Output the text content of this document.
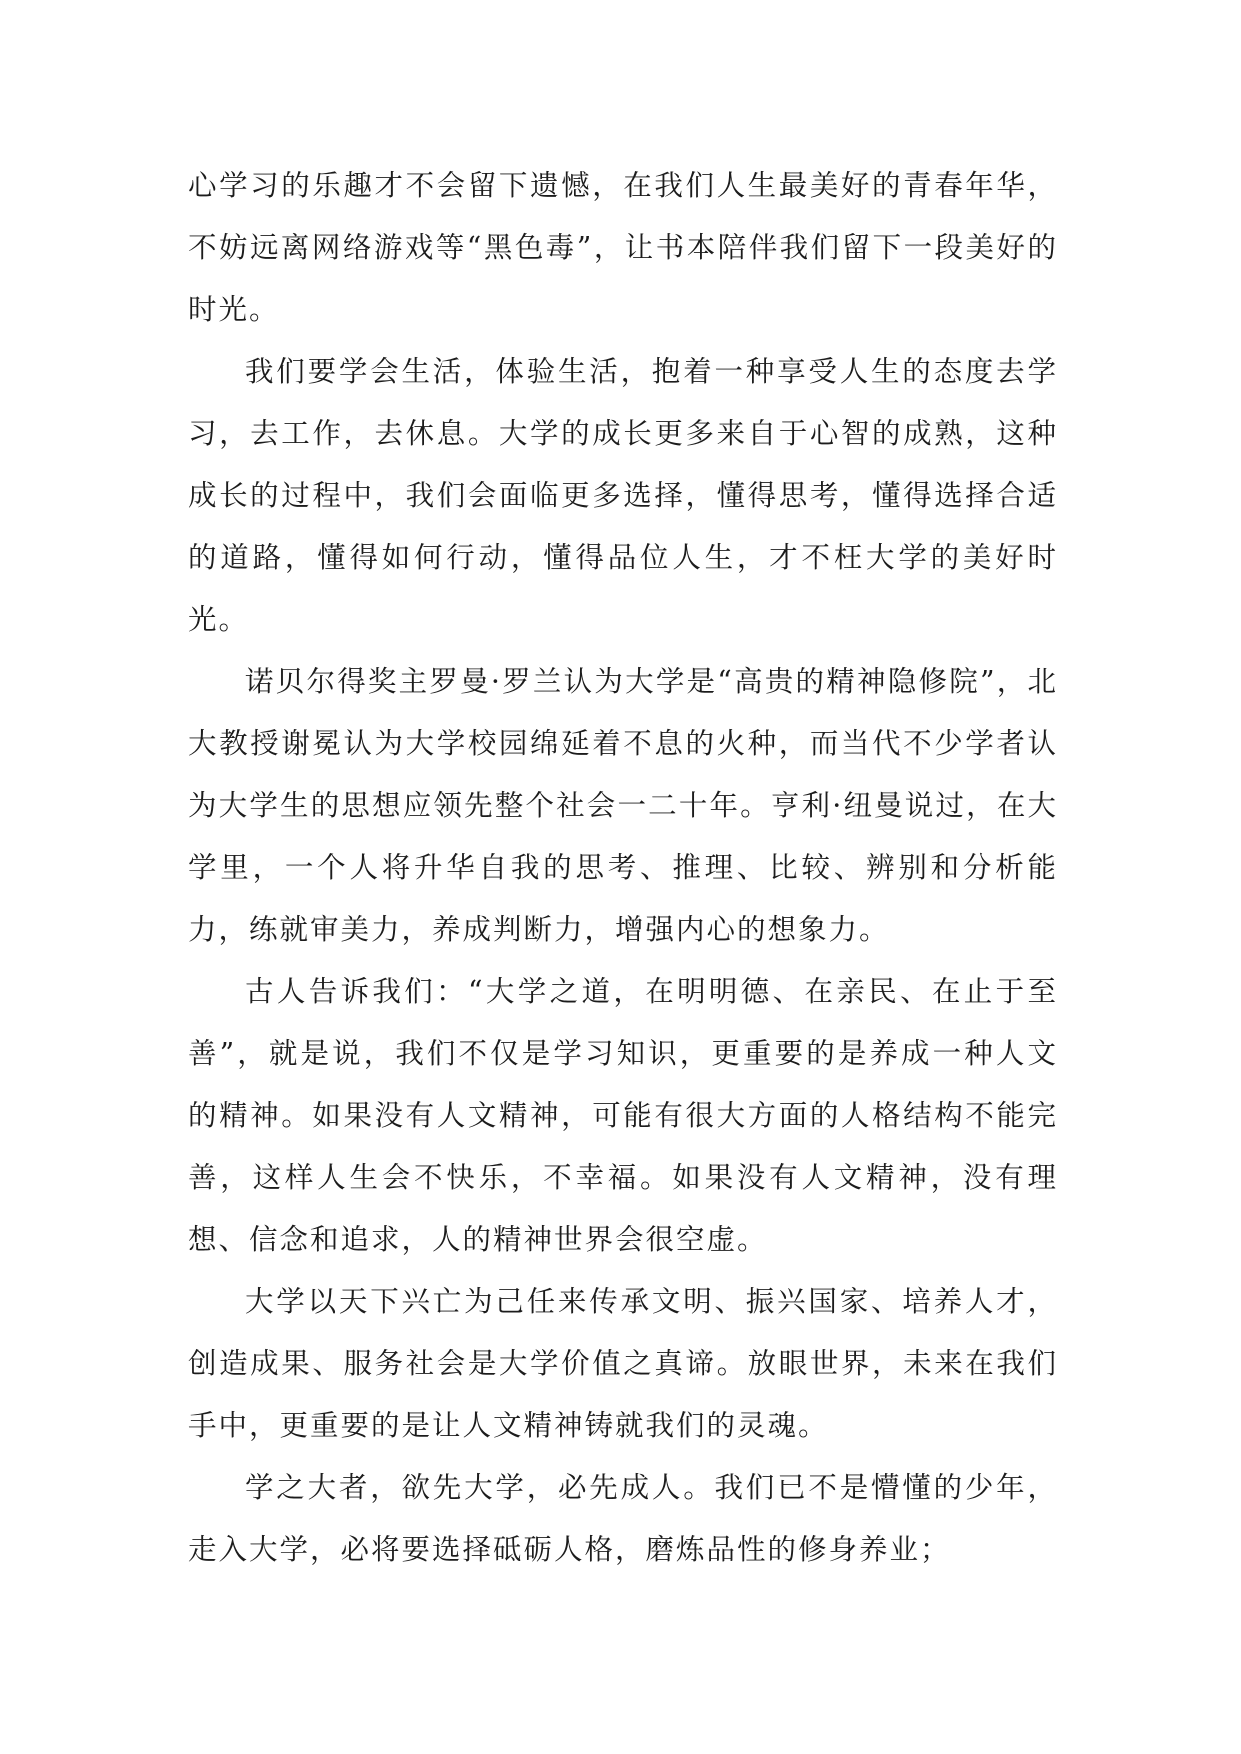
心学习的乐趣才不会留下遗憾，在我们人生最美好的青春年华，不妨远离网络游戏等“黑色毒”，让书本陪伴我们留下一段美好的时光。

我们要学会生活，体验生活，抱着一种享受人生的态度去学习，去工作，去休息。大学的成长更多来自于心智的成熟，这种成长的过程中，我们会面临更多选择，懂得思考，懂得选择合适的道路，懂得如何行动，懂得品位人生，才不枉大学的美好时光。

诺贝尔得奖主罗曼·罗兰认为大学是“高贵的精神隐修院”，北大教授谢冕认为大学校园绵延着不息的火种，而当代不少学者认为大学生的思想应领先整个社会一二十年。亨利·纽曼说过，在大学里，一个人将升华自我的思考、推理、比较、辨别和分析能力，练就审美力，养成判断力，增强内心的想象力。

古人告诉我们：“大学之道，在明明德、在亲民、在止于至善”，就是说，我们不仅是学习知识，更重要的是养成一种人文的精神。如果没有人文精神，可能有很大方面的人格结构不能完善，这样人生会不快乐，不幸福。如果没有人文精神，没有理想、信念和追求，人的精神世界会很空虚。

大学以天下兴亡为己任来传承文明、振兴国家、培养人才，创造成果、服务社会是大学价值之真谛。放眼世界，未来在我们手中，更重要的是让人文精神铸就我们的灵魂。

学之大者，欲先大学，必先成人。我们已不是懵懂的少年，走入大学，必将要选择砥砺人格，磨炼品性的修身养业；
